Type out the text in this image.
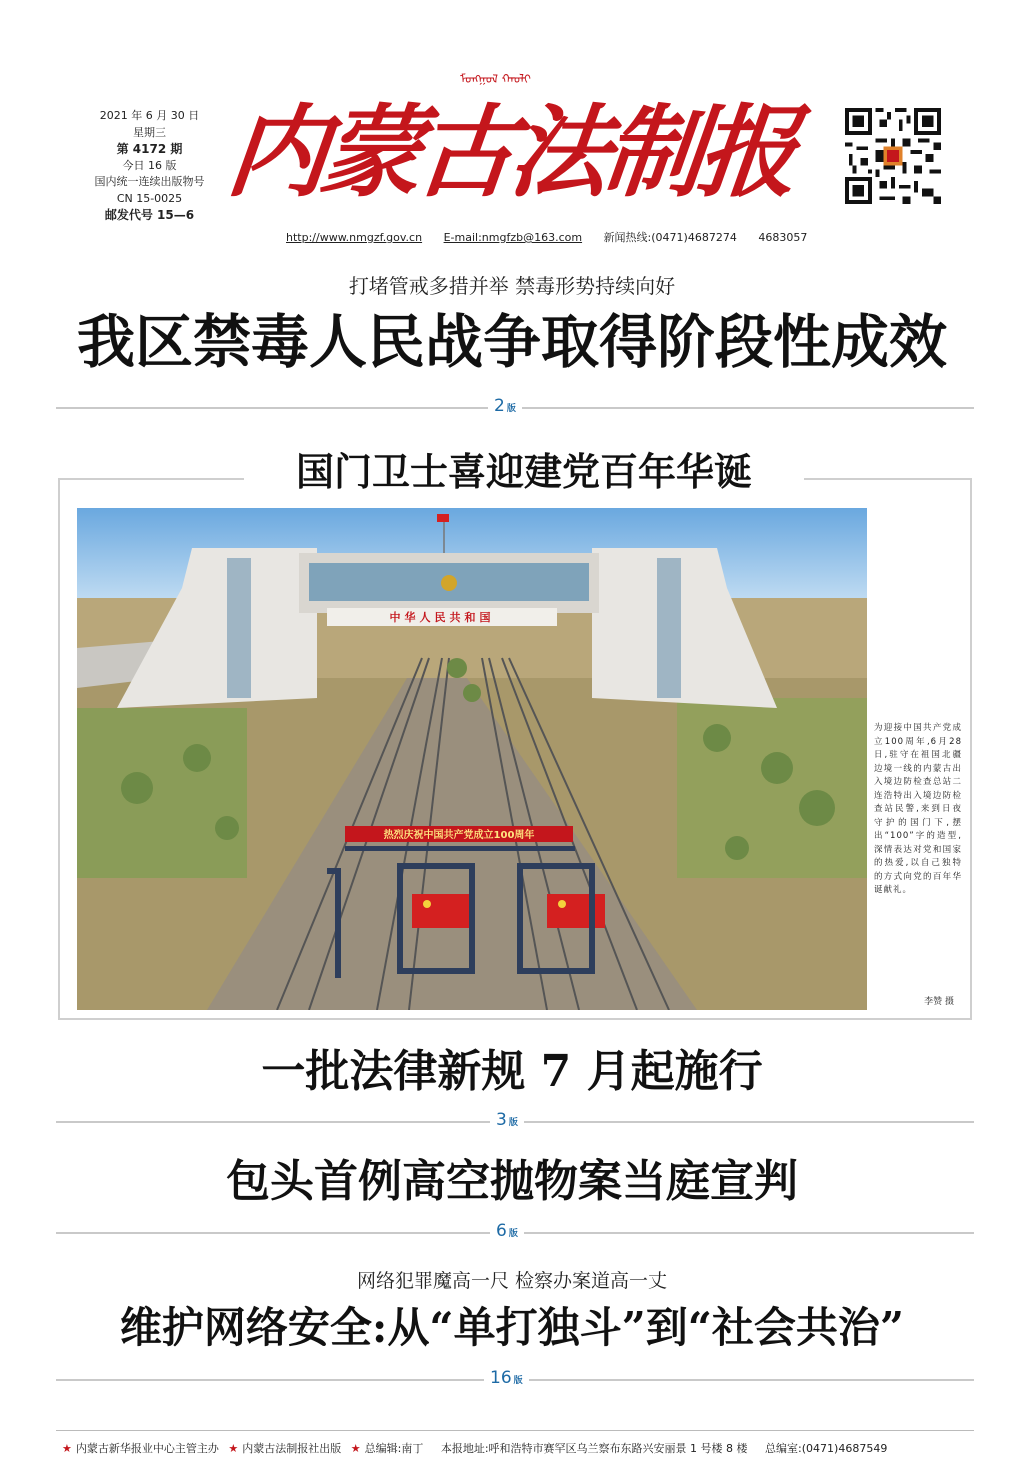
2021 年 6 月 30 日
星期三
第 4172 期
今日 16 版
国内统一连续出版物号
CN 15-0025
邮发代号 15—6
ᠮᠣᠩᠭᠣᠯ ᠬᠠᠤᠯᠢ
内蒙古法制报
http://www.nmgzf.gov.cn E-mail:nmgfzb@163.com 新闻热线:(0471)4687274 4683057
打堵管戒多措并举 禁毒形势持续向好
我区禁毒人民战争取得阶段性成效
2 版
国门卫士喜迎建党百年华诞
中华人民共和国
热烈庆祝中国共产党成立100周年
为迎接中国共产党成立100周年,6月28日,驻守在祖国北疆边境一线的内蒙古出入境边防检查总站二连浩特出入境边防检查站民警,来到日夜守护的国门下,摆出“100”字的造型,深情表达对党和国家的热爱,以自己独特的方式向党的百年华诞献礼。
李赞 摄
一批法律新规 7 月起施行
3 版
包头首例高空抛物案当庭宣判
6 版
网络犯罪魔高一尺 检察办案道高一丈
维护网络安全:从“单打独斗”到“社会共治”
16 版
★ 内蒙古新华报业中心主管主办 ★ 内蒙古法制报社出版 ★ 总编辑:南丁 本报地址:呼和浩特市赛罕区乌兰察布东路兴安丽景 1 号楼 8 楼 总编室:(0471)4687549
